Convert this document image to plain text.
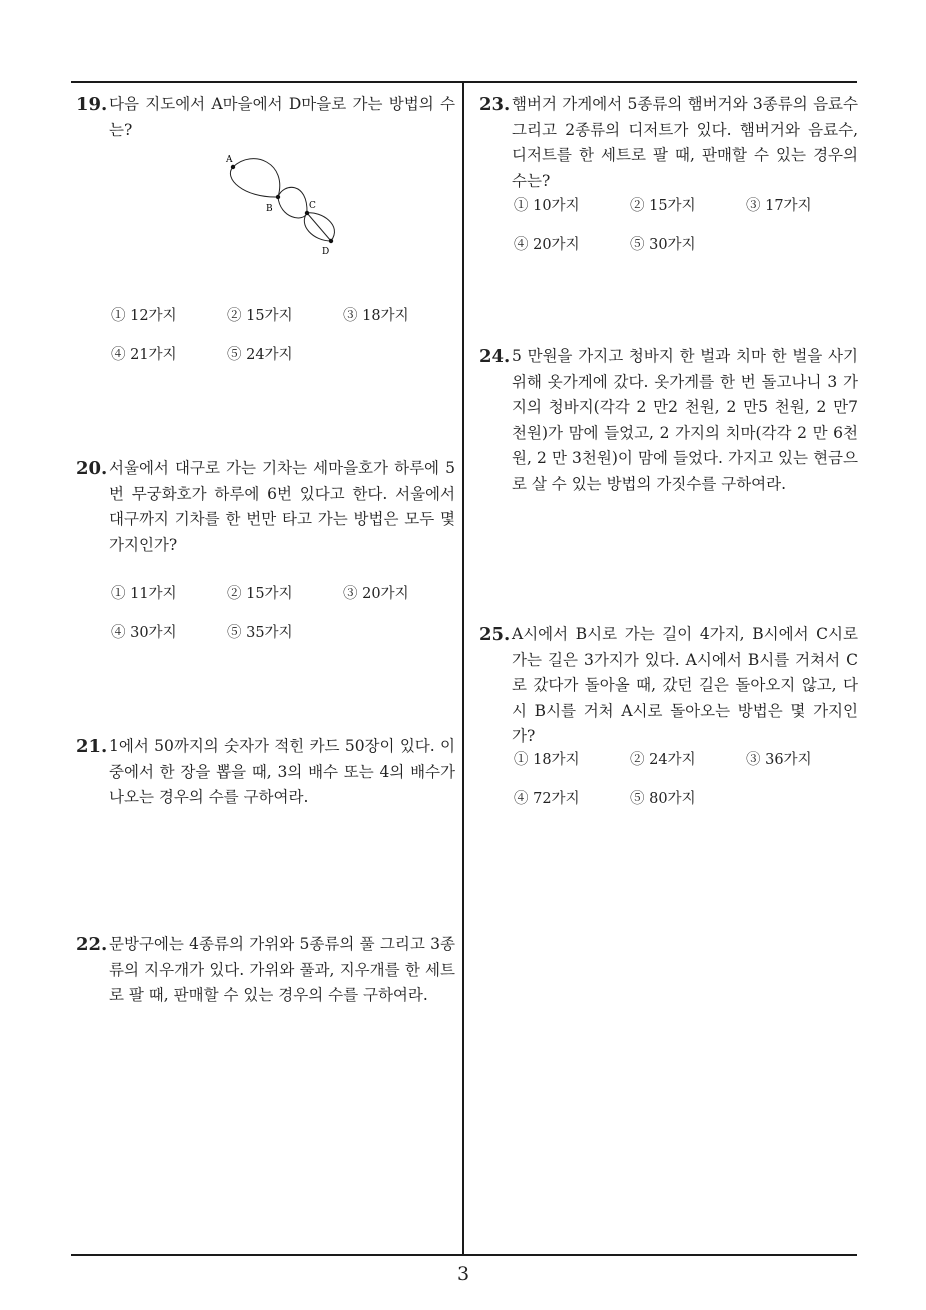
19. 다음 지도에서 A마을에서 D마을로 가는 방법의 수는?
A
B	C
D
① 12가지	② 15가지	③ 18가지
④ 21가지	⑤ 24가지
20. 서울에서 대구로 가는 기차는 세마을호가 하루에 5번 무궁화호가 하루에 6번 있다고 한다. 서울에서 대구까지 기차를 한 번만 타고 가는 방법은 모두 몇 가지인가?
① 11가지	② 15가지	③ 20가지
④ 30가지	⑤ 35가지
21. 1에서 50까지의 숫자가 적힌 카드 50장이 있다. 이 중에서 한 장을 뽑을 때, 3의 배수 또는 4의 배수가 나오는 경우의 수를 구하여라.
22. 문방구에는 4종류의 가위와 5종류의 풀 그리고 3종류의 지우개가 있다. 가위와 풀과, 지우개를 한 세트로 팔 때, 판매할 수 있는 경우의 수를 구하여라.
23. 햄버거 가게에서 5종류의 햄버거와 3종류의 음료수 그리고 2종류의 디저트가 있다. 햄버거와 음료수, 디저트를 한 세트로 팔 때, 판매할 수 있는 경우의 수는?
① 10가지	② 15가지	③ 17가지
④ 20가지	⑤ 30가지
24. 5 만원을 가지고 청바지 한 벌과 치마 한 벌을 사기 위해 옷가게에 갔다. 옷가게를 한 번 돌고나니 3 가지의 청바지(각각 2 만2 천원, 2 만5 천원, 2 만7 천원)가 맘에 들었고, 2 가지의 치마(각각 2 만 6천원, 2 만 3천원)이 맘에 들었다. 가지고 있는 현금으로 살 수 있는 방법의 가짓수를 구하여라.
25. A시에서 B시로 가는 길이 4가지, B시에서 C시로 가는 길은 3가지가 있다. A시에서 B시를 거쳐서 C로 갔다가 돌아올 때, 갔던 길은 돌아오지 않고, 다시 B시를 거처 A시로 돌아오는 방법은 몇 가지인가?
① 18가지	② 24가지	③ 36가지
④ 72가지	⑤ 80가지
3
